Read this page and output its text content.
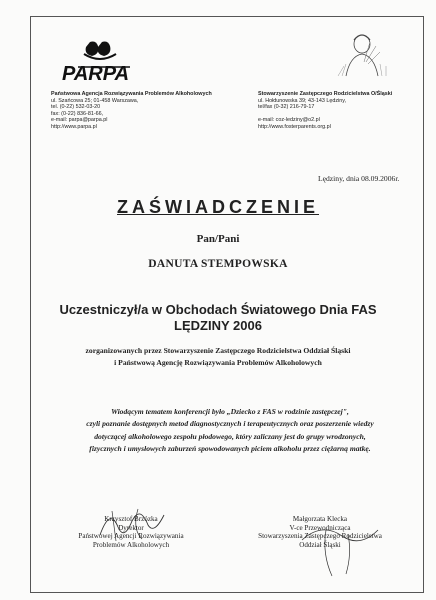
PARPA
Państwowa Agencja Rozwiązywania Problemów Alkoholowych
ul. Szańcowa 25; 01-458 Warszawa,
tel. (0-22) 532-03-20
fax: (0-22) 836-81-66,
e-mail: parpa@parpa.pl
http://www.parpa.pl
Stowarzyszenie Zastępczego Rodzicielstwa O/Śląski
ul. Hołdunowska 39; 43-143 Lędziny,
tel/fax (0-32) 216-79-17

e-mail: coz-ledziny@o2.pl
http://www.fosterparents.org.pl
Lędziny, dnia 08.09.2006r.
ZAŚWIADCZENIE
Pan/Pani
DANUTA STEMPOWSKA
Uczestniczył/a w Obchodach Światowego Dnia FAS
LĘDZINY 2006
zorganizowanych przez Stowarzyszenie Zastępczego Rodzicielstwa Oddział Śląski
i Państwową Agencję Rozwiązywania Problemów Alkoholowych
Wiodącym tematem konferencji było „Dziecko z FAS w rodzinie zastępczej",
czyli poznanie dostępnych metod diagnostycznych i terapeutycznych oraz poszerzenie wiedzy
dotyczącej alkoholowego zespołu płodowego, który zaliczany jest do grupy wrodzonych,
fizycznych i umysłowych zaburzeń spowodowanych piciem alkoholu przez ciężarną matkę.
Krzysztof Brzózka
Dyrektor
Państwowej Agencji Rozwiązywania
Problemów Alkoholowych
Małgorzata Klecka
V-ce Przewodnicząca
Stowarzyszenia Zastępczego Rodzicielstwa
Oddział Śląski
